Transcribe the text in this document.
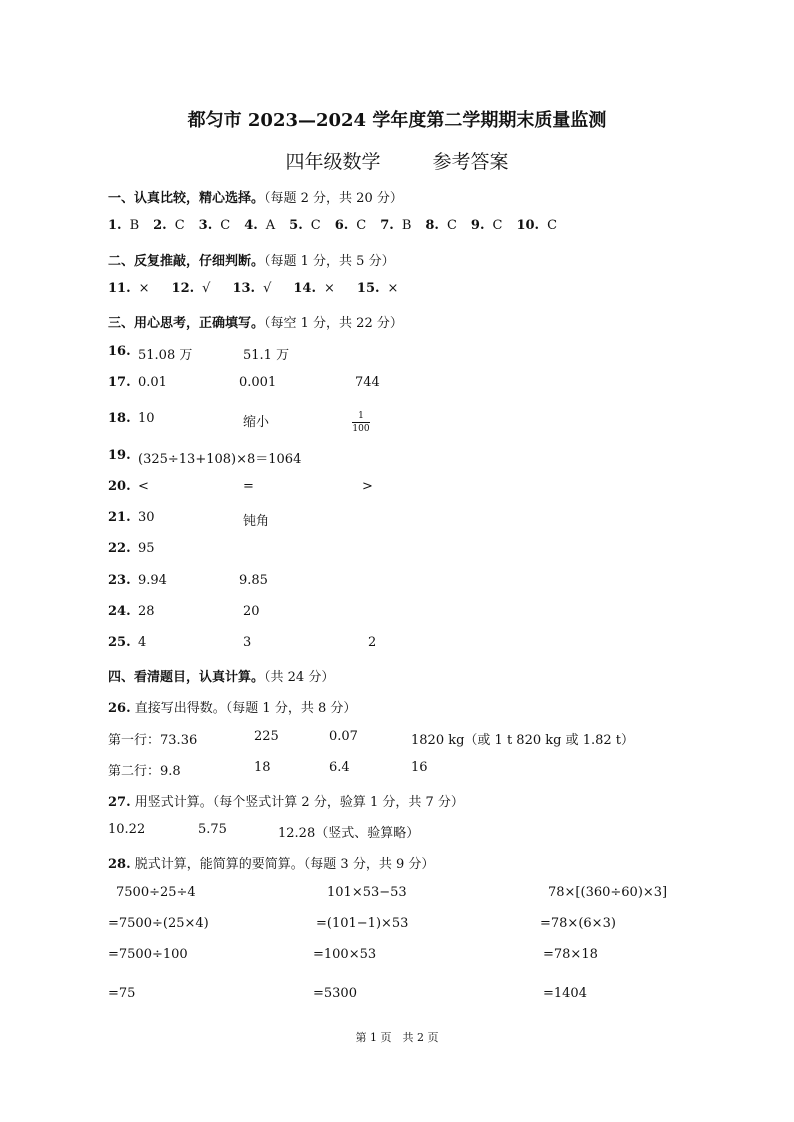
都匀市 2023—2024 学年度第二学期期末质量监测
四年级数学	参考答案
一、认真比较，精心选择。（每题 2 分，共 20 分）
1. B 2. C 3. C 4. A 5. C 6. C 7. B 8. C 9. C 10. C
二、反复推敲，仔细判断。（每题 1 分，共 5 分）
11. × 12. √ 13. √ 14. × 15. ×
三、用心思考，正确填写。（每空 1 分，共 22 分）
16. 51.08 万	51.1 万
17. 0.01	0.001	744
18. 10	缩小	$\frac{1}{100}$
19. (325÷13+108)×8＝1064
20. <	=	>
21. 30	钝角
22. 95
23. 9.94	9.85
24. 28	20
25. 4	3	2
四、看清题目，认真计算。（共 24 分）
26. 直接写出得数。（每题 1 分，共 8 分）
第一行：73.36	225	0.07	1820 kg（或 1 t 820 kg 或 1.82 t）
第二行：9.8	18	6.4	16
27. 用竖式计算。（每个竖式计算 2 分，验算 1 分，共 7 分）
10.22	5.75	12.28（竖式、验算略）
28. 脱式计算，能简算的要简算。（每题 3 分，共 9 分）
7500÷25÷4
=7500÷(25×4)
=7500÷100
=75
101×53−53
=(101−1)×53
=100×53
=5300
78×[(360÷60)×3]
=78×(6×3)
=78×18
=1404
第 1 页　共 2 页
